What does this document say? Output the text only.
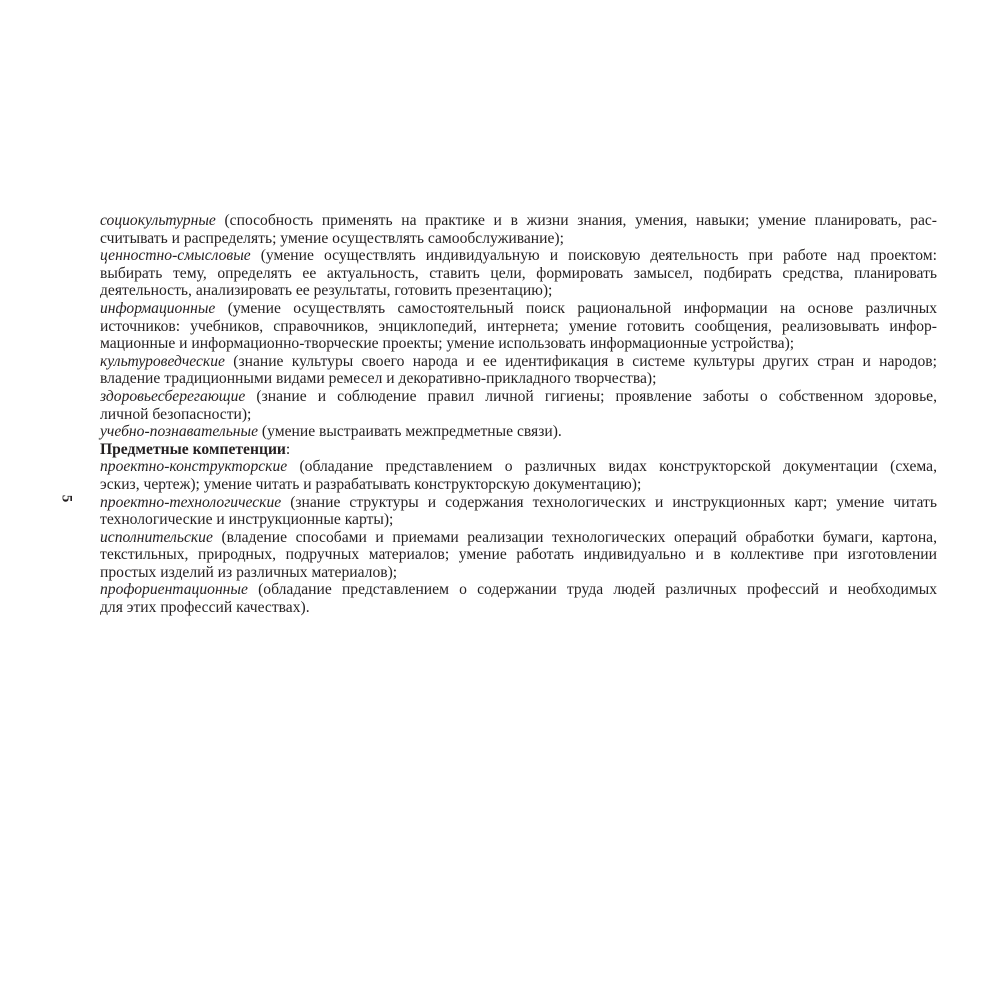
5
социокультурные (способность применять на практике и в жизни знания, умения, навыки; умение планировать, рас-
считывать и распределять; умение осуществлять самообслуживание);
ценностно-смысловые (умение осуществлять индивидуальную и поисковую деятельность при работе над проектом:
выбирать тему, определять ее актуальность, ставить цели, формировать замысел, подбирать средства, планировать
деятельность, анализировать ее результаты, готовить презентацию);
информационные (умение осуществлять самостоятельный поиск рациональной информации на основе различных
источников: учебников, справочников, энциклопедий, интернета; умение готовить сообщения, реализовывать инфор-
мационные и информационно-творческие проекты; умение использовать информационные устройства);
культуроведческие (знание культуры своего народа и ее идентификация в системе культуры других стран и народов;
владение традиционными видами ремесел и декоративно-прикладного творчества);
здоровьесберегающие (знание и соблюдение правил личной гигиены; проявление заботы о собственном здоровье,
личной безопасности);
учебно-познавательные (умение выстраивать межпредметные связи).
Предметные компетенции:
проектно-конструкторские (обладание представлением о различных видах конструкторской документации (схема,
эскиз, чертеж); умение читать и разрабатывать конструкторскую документацию);
проектно-технологические (знание структуры и содержания технологических и инструкционных карт; умение читать
технологические и инструкционные карты);
исполнительские (владение способами и приемами реализации технологических операций обработки бумаги, картона,
текстильных, природных, подручных материалов; умение работать индивидуально и в коллективе при изготовлении
простых изделий из различных материалов);
профориентационные (обладание представлением о содержании труда людей различных профессий и необходимых
для этих профессий качествах).
